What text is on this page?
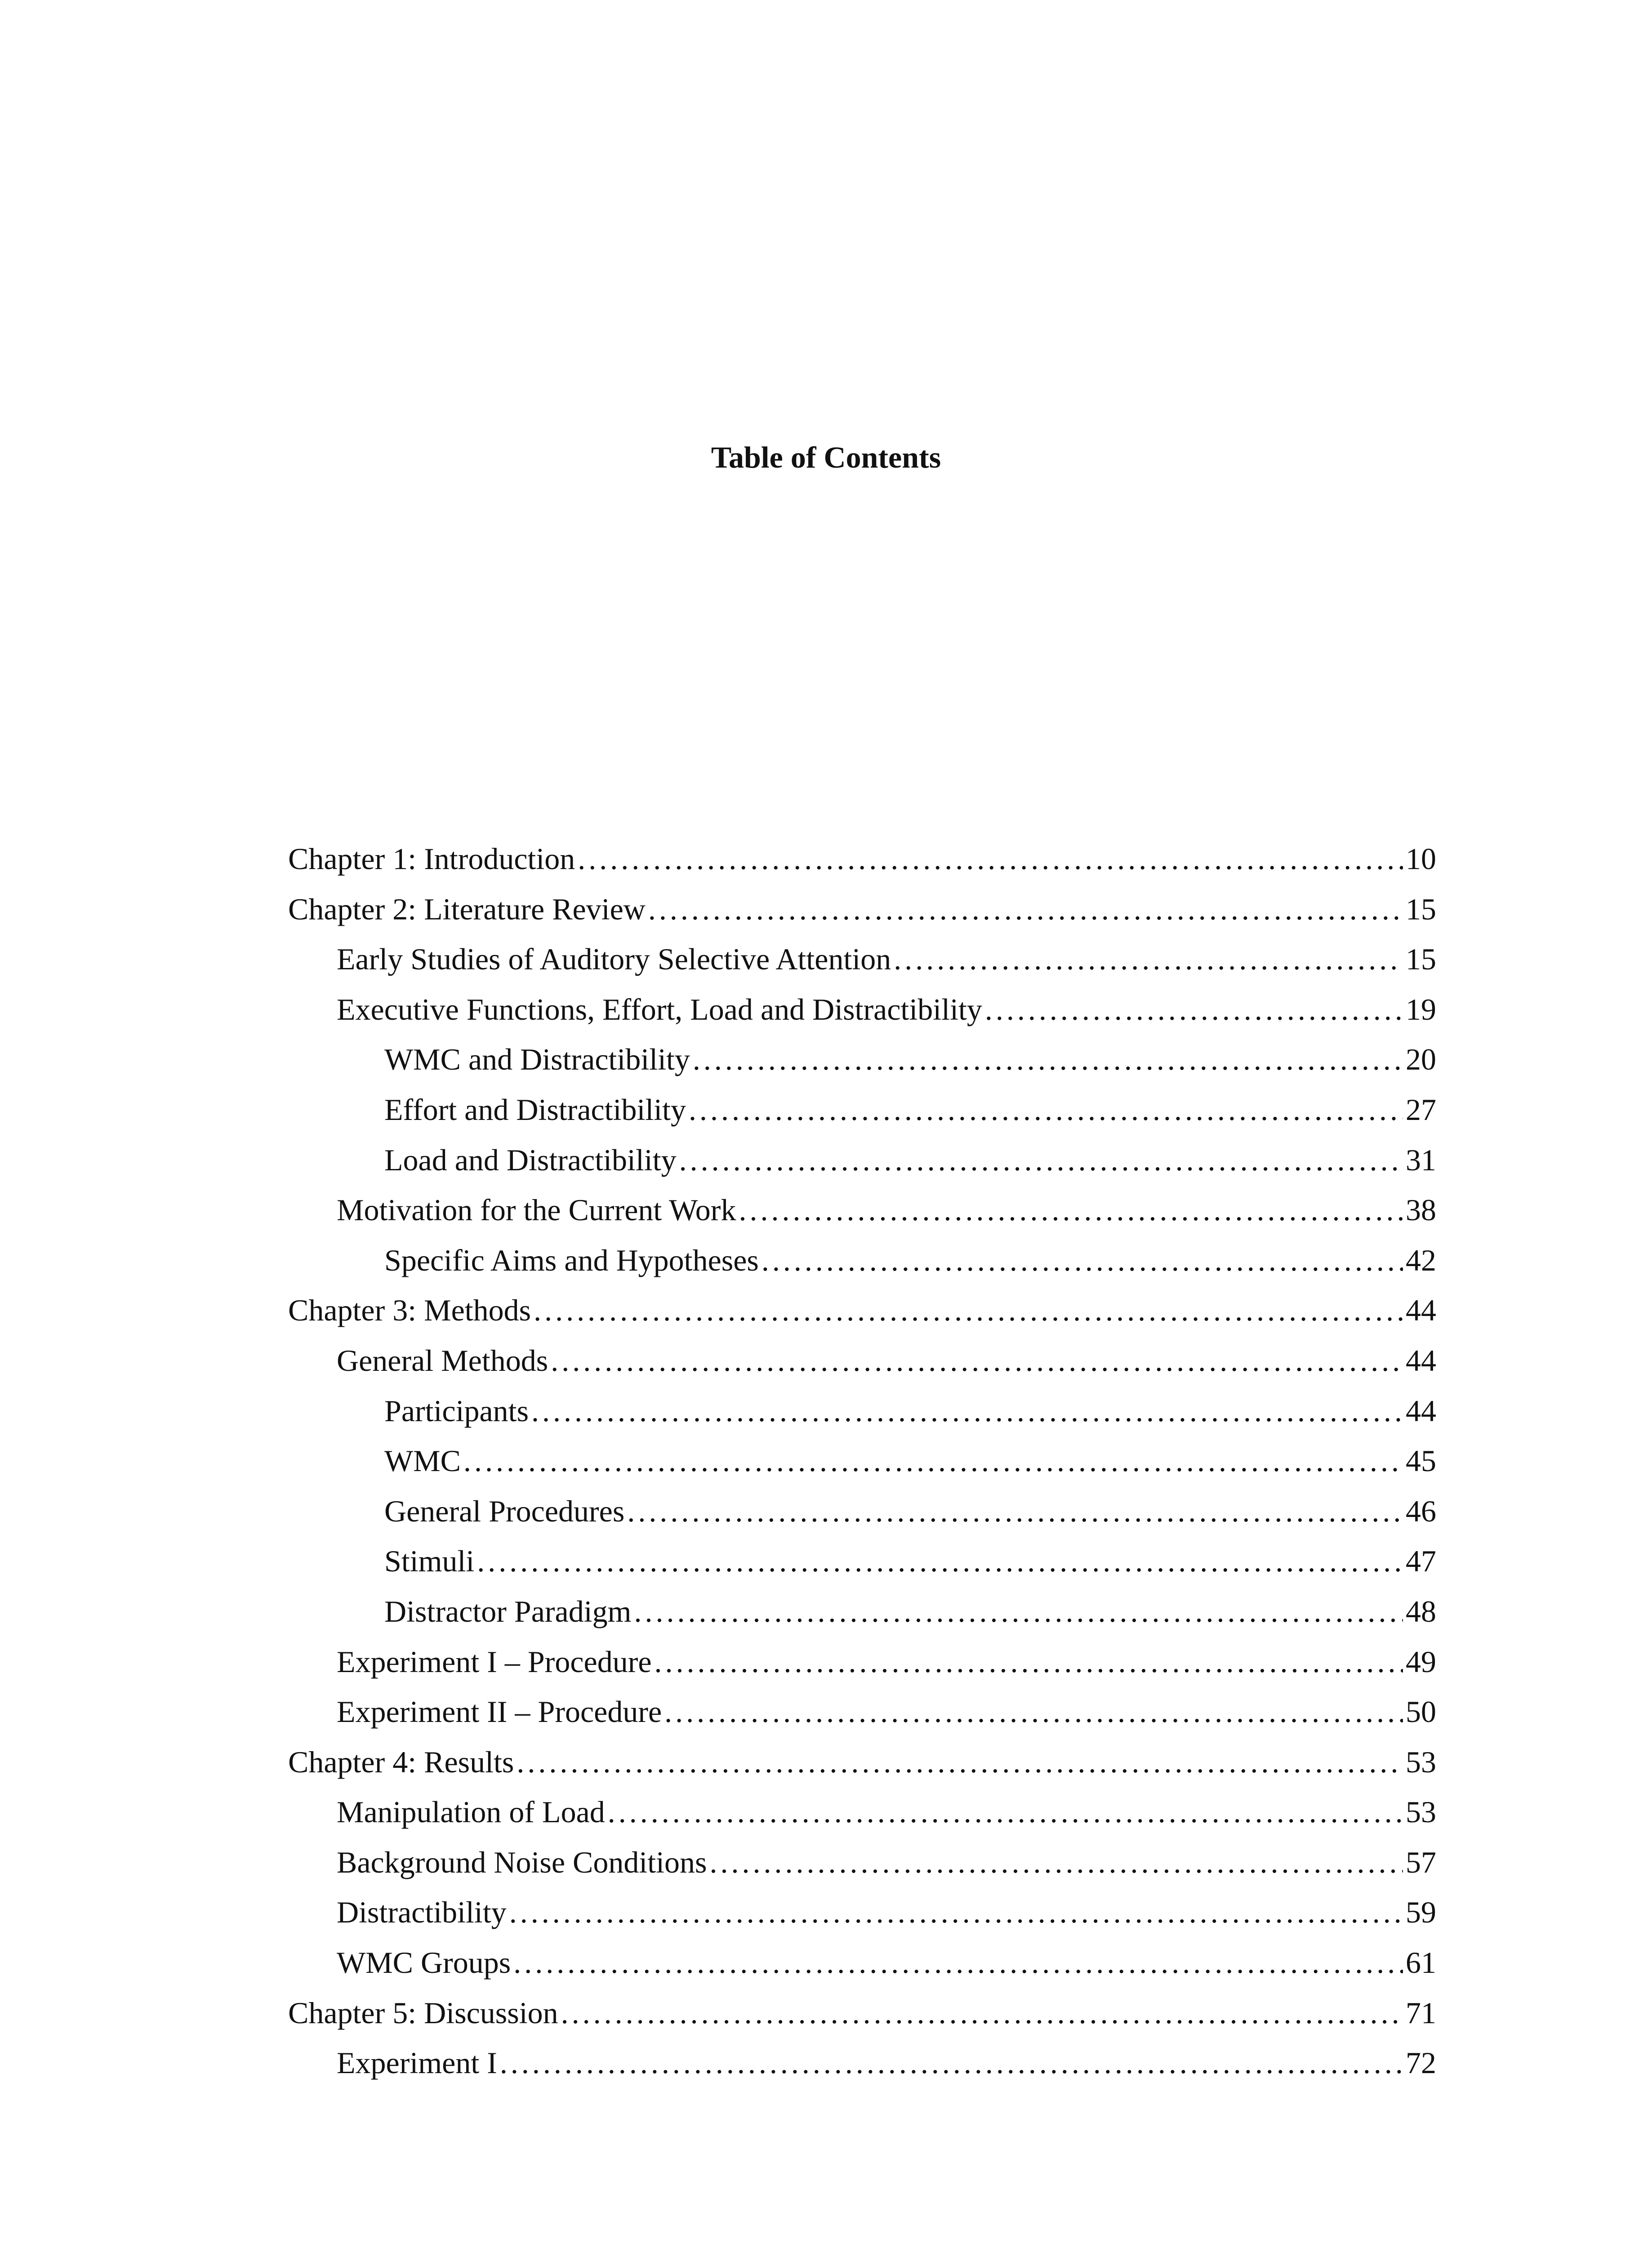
Table of Contents
Chapter 1: Introduction . . .	10
Chapter 2: Literature Review . . .	15
Early Studies of Auditory Selective Attention . . .	15
Executive Functions, Effort, Load and Distractibility . . .	19
WMC and Distractibility . . .	20
Effort and Distractibility . . .	27
Load and Distractibility . . .	31
Motivation for the Current Work . . .	38
Specific Aims and Hypotheses . . .	42
Chapter 3: Methods . . .	44
General Methods . . .	44
Participants . . .	44
WMC . . .	45
General Procedures . . .	46
Stimuli . . .	47
Distractor Paradigm . . .	48
Experiment I – Procedure . . .	49
Experiment II – Procedure . . .	50
Chapter 4: Results . . .	53
Manipulation of Load . . .	53
Background Noise Conditions . . .	57
Distractibility . . .	59
WMC Groups . . .	61
Chapter 5: Discussion . . .	71
Experiment I . . .	72
